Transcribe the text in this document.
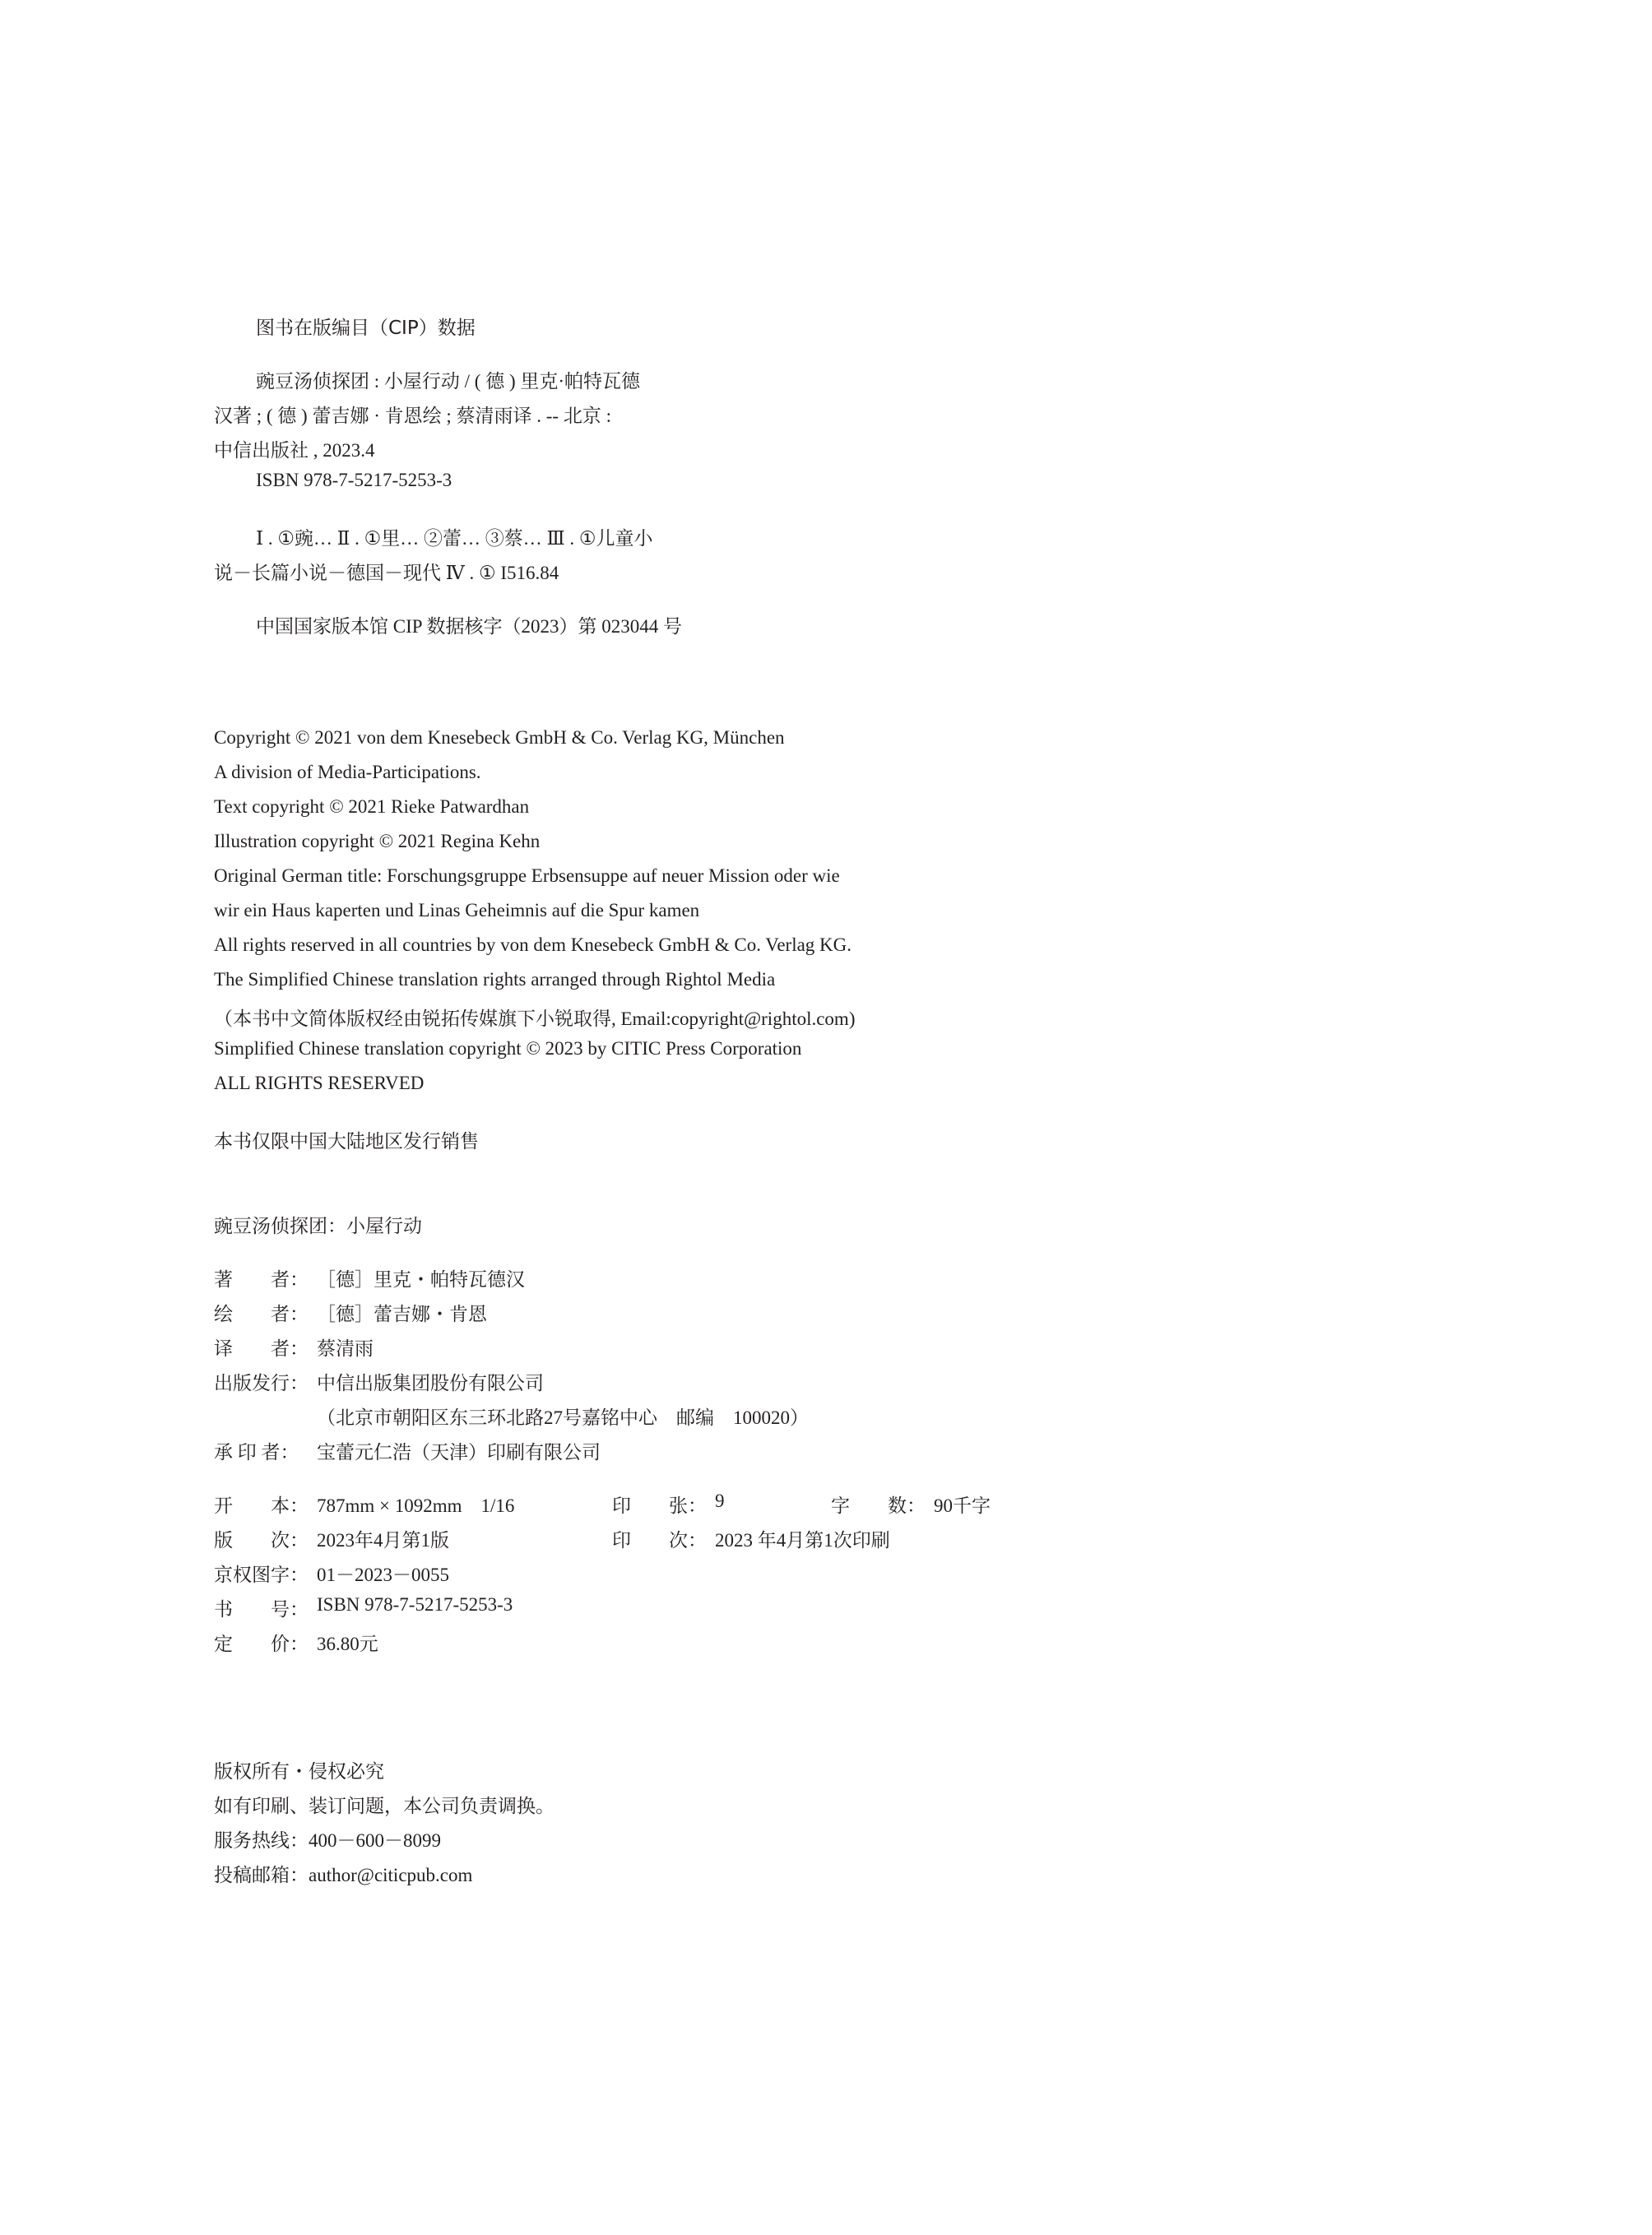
图书在版编目（CIP）数据
豌豆汤侦探团 : 小屋行动 / ( 德 ) 里克·帕特瓦德
汉著 ; ( 德 ) 蕾吉娜 · 肯恩绘 ; 蔡清雨译 . -- 北京 :
中信出版社 , 2023.4
ISBN 978-7-5217-5253-3
Ⅰ . ①豌… Ⅱ . ①里… ②蕾… ③蔡… Ⅲ . ①儿童小
说－长篇小说－德国－现代 Ⅳ . ① I516.84
中国国家版本馆 CIP 数据核字（2023）第 023044 号
Copyright © 2021 von dem Knesebeck GmbH & Co. Verlag KG, München
A division of Media-Participations.
Text copyright © 2021 Rieke Patwardhan
Illustration copyright © 2021 Regina Kehn
Original German title: Forschungsgruppe Erbsensuppe auf neuer Mission oder wie
wir ein Haus kaperten und Linas Geheimnis auf die Spur kamen
All rights reserved in all countries by von dem Knesebeck GmbH & Co. Verlag KG.
The Simplified Chinese translation rights arranged through Rightol Media
（本书中文简体版权经由锐拓传媒旗下小锐取得, Email:copyright@rightol.com)
Simplified Chinese translation copyright © 2023 by CITIC Press Corporation
ALL RIGHTS RESERVED
本书仅限中国大陆地区发行销售
豌豆汤侦探团：小屋行动
著　　者： ［德］里克・帕特瓦德汉
绘　　者： ［德］蕾吉娜・肯恩
译　　者： 蔡清雨
出版发行： 中信出版集团股份有限公司
（北京市朝阳区东三环北路27号嘉铭中心　邮编　100020）
承 印 者： 宝蕾元仁浩（天津）印刷有限公司
开　　本： 787mm × 1092mm　1/16	印　　张： 9	字　　数： 90千字
版　　次： 2023年4月第1版	印　　次： 2023 年4月第1次印刷
京权图字： 01－2023－0055
书　　号： ISBN 978-7-5217-5253-3
定　　价： 36.80元
版权所有・侵权必究
如有印刷、装订问题，本公司负责调换。
服务热线：400－600－8099
投稿邮箱：author@citicpub.com
